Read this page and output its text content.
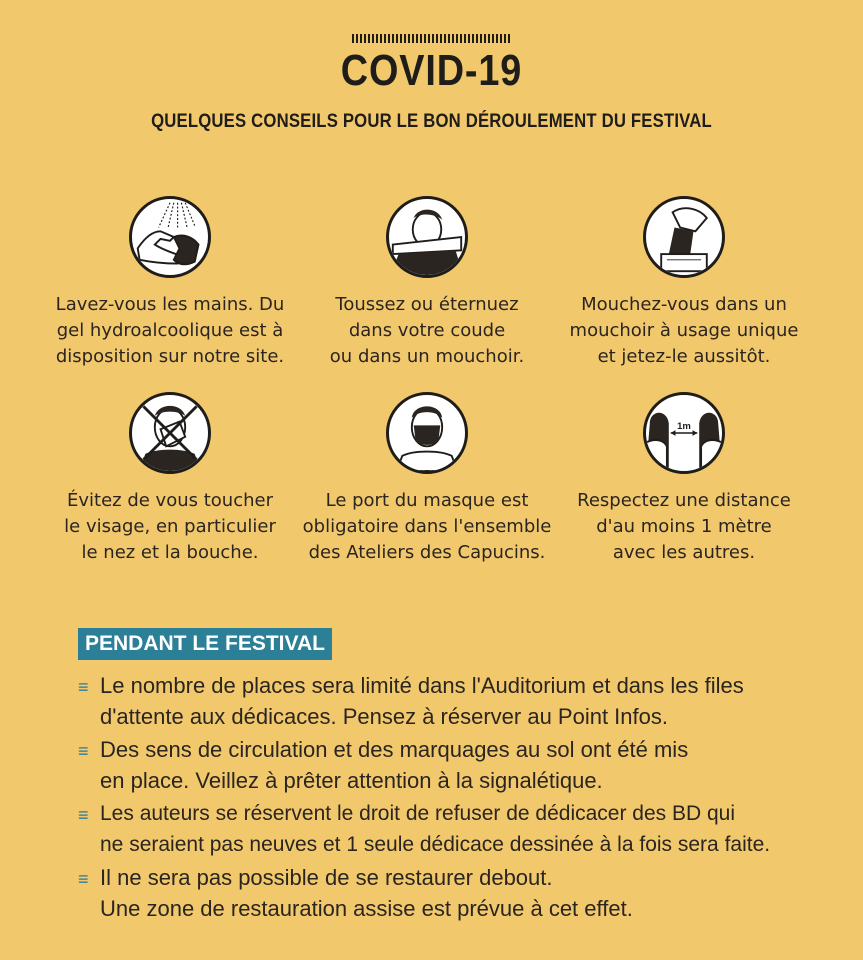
COVID-19
QUELQUES CONSEILS POUR LE BON DÉROULEMENT DU FESTIVAL
Lavez-vous les mains. Du
gel hydroalcoolique est à
disposition sur notre site.
Toussez ou éternuez
dans votre coude
ou dans un mouchoir.
Mouchez-vous dans un
mouchoir à usage unique
et jetez-le aussitôt.
Évitez de vous toucher
le visage, en particulier
le nez et la bouche.
Le port du masque est
obligatoire dans l'ensemble
des Ateliers des Capucins.
1m
Respectez une distance
d'au moins 1 mètre
avec les autres.
PENDANT LE FESTIVAL
≡ Le nombre de places sera limité dans l'Auditorium et dans les files
d'attente aux dédicaces. Pensez à réserver au Point Infos.
≡ Des sens de circulation et des marquages au sol ont été mis
en place. Veillez à prêter attention à la signalétique.
≡ Les auteurs se réservent le droit de refuser de dédicacer des BD qui
ne seraient pas neuves et 1 seule dédicace dessinée à la fois sera faite.
≡ Il ne sera pas possible de se restaurer debout.
Une zone de restauration assise est prévue à cet effet.
